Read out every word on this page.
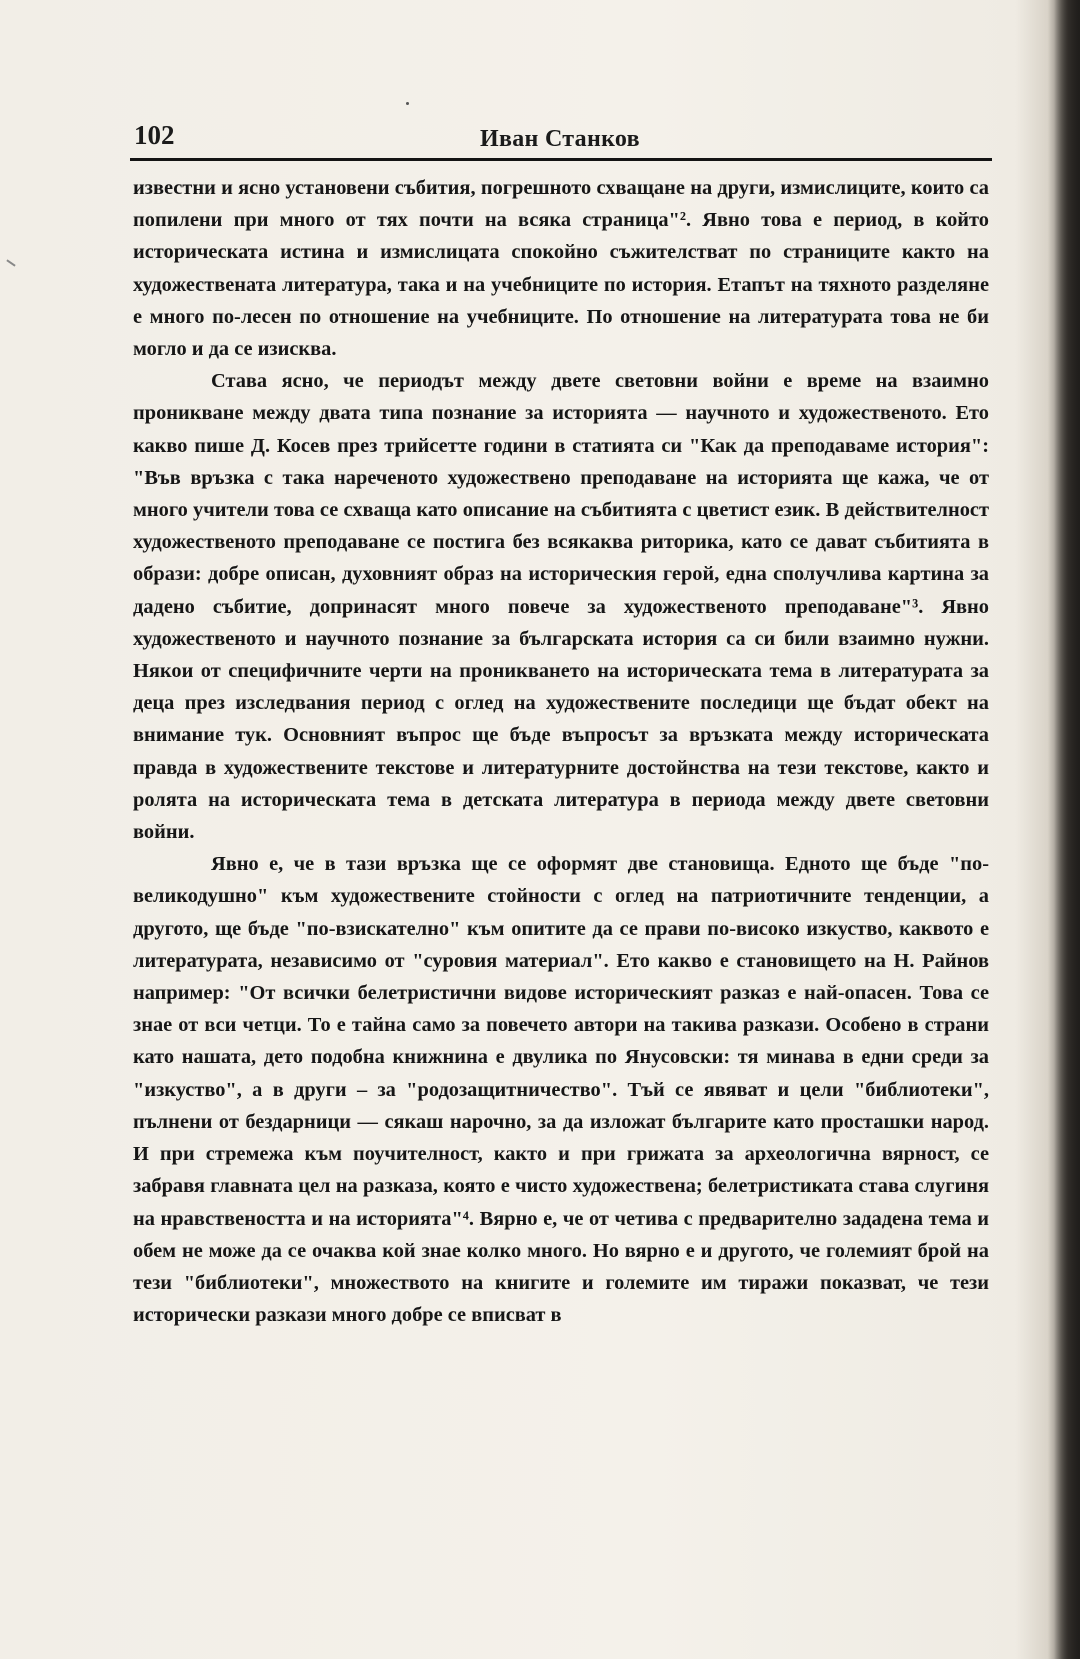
102	Иван Станков

известни и ясно установени събития, погрешното схващане на други, измислиците, които са попилени при много от тях почти на всяка страница"². Явно това е период, в който историческата истина и измислицата спокойно съжителстват по страниците както на художествената литература, така и на учебниците по история. Етапът на тяхното разделяне е много по-лесен по отношение на учебниците. По отношение на литературата това не би могло и да се изисква.

Става ясно, че периодът между двете световни войни е време на взаимно проникване между двата типа познание за историята — научното и художественото. Ето какво пише Д. Косев през трийсетте години в статията си "Как да преподаваме история": "Във връзка с така нареченото художествено преподаване на историята ще кажа, че от много учители това се схваща като описание на събитията с цветист език. В действителност художественото преподаване се постига без всякаква риторика, като се дават събитията в образи: добре описан, духовният образ на историческия герой, една сполучлива картина за дадено събитие, допринасят много повече за художественото преподаване"³. Явно художественото и научното познание за българската история са си били взаимно нужни. Някои от специфичните черти на проникването на историческата тема в литературата за деца през изследвания период с оглед на художествените последици ще бъдат обект на внимание тук. Основният въпрос ще бъде въпросът за връзката между историческата правда в художествените текстове и литературните достойнства на тези текстове, както и ролята на историческата тема в детската литература в периода между двете световни войни.

Явно е, че в тази връзка ще се оформят две становища. Едното ще бъде "по-великодушно" към художествените стойности с оглед на патриотичните тенденции, а другото, ще бъде "по-взискателно" към опитите да се прави по-високо изкуство, каквото е литературата, независимо от "суровия материал". Ето какво е становището на Н. Райнов например: "От всички белетристични видове историческият разказ е най-опасен. Това се знае от вси четци. То е тайна само за повечето автори на такива разкази. Особено в страни като нашата, дето подобна книжнина е двулика по Янусовски: тя минава в едни среди за "изкуство", а в други – за "родозащитничество". Тъй се явяват и цели "библиотеки", пълнени от бездарници — сякаш нарочно, за да изложат българите като просташки народ. И при стремежа към поучителност, както и при грижата за археологична вярност, се забравя главната цел на разказа, която е чисто художествена; белетристиката става слугиня на нравствеността и на историята"⁴. Вярно е, че от четива с предварително зададена тема и обем не може да се очаква кой знае колко много. Но вярно е и другото, че големият брой на тези "библиотеки", множеството на книгите и големите им тиражи показват, че тези исторически разкази много добре се вписват в
